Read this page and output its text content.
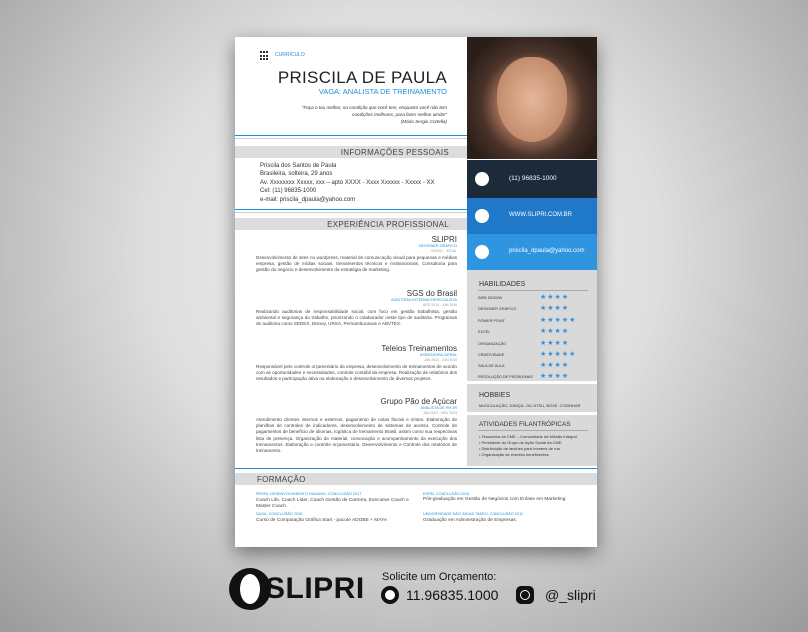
CURRÍCULO
PRISCILA DE PAULA
VAGA: ANALISTA DE TREINAMENTO
"Faça o teu melhor, na condição que você tem, enquanto você não tem
condições melhores, para fazer melhor ainda!"
(Mário Sergio Cortella)
INFORMAÇÕES PESSOAIS
Priscila dos Santos de Paula
Brasileira, solteira, 29 anos
Av. Xxxxxxxx Xxxxx, xxx – apto XXXX - Xxxx Xxxxxx - Xxxxx - XX
Cel: (11) 96835-1000
e-mail: priscila_dpaula@yahoo.com
EXPERIÊNCIA PROFISSIONAL
SLIPRI
DESIGNER GRÁFICO
03/2017 - ATUAL
Desenvolvimento de sites no wordpress, material de comunicação visual para pequenas e médias empresa, gestão de mídias sociais, treinamentos técnicos e motivacionais. Consultoria para gestão do negócio e desenvolvimento da estratégia de marketing.
SGS do Brasil
AUDITORA EXTERNA ESPECIALISTA
AGO 2014 - JUN 2016
Realizando auditorias de responsabilidade social, com foco em gestão trabalhista, gestão ambiental e segurança do trabalho, priorizando o colaborador neste tipo de auditoria. Programas de auditoria como SEDEX, Disney, URSA, Pernambucanas e ABVTEX.
Teleios Treinamentos
ASSESSORA GERAL
JAN 2014 - JUN 2014
Responsável pelo controle orçamentário da empresa, desenvolvimento de treinamentos de acordo com as oportunidades e necessidades, controle contábil da empresa. Realização de relatórios dos resultados e participação ativa na elaboração e desenvolvimento de diversos projetos.
Grupo Pão de Açúcar
ANALISTA DE RH JR
JAN 2007 - NOV 2013
Atendimento clientes internos e externos, pagamento de notas fiscais e síntes. Elaboração de planilhas de controles de indicadores, desenvolvimento de sistemas de acesso. Controle de pagamentos de benefício de idiomas, logística de treinamento Brasil, assim como sua respectivas lista de presença. Organização de material, convocação e acompanhamento da execução dos treinamentos. Elaboração e controle orçamentário. Desenvolvimento e Controle dos relatórios de treinamento.
(11) 96835-1000
WWW.SLIPRI.COM.BR
priscila_dpaula@yahoo.com
HABILIDADES
WEB DESIGN	★★★★
DESIGNER GRÁFICO	★★★★
POWER POINT	★★★★★
EXCEL	★★★★
ORGANIZAÇÃO	★★★★
CRIATIVIDADE	★★★★★
SALA DE AULA	★★★★
RESOLUÇÃO DE PROBLEMAS ★★★★
HOBBIES
MUSCULAÇÃO, DANÇA, JIU-JITSU, BOXE, COZINHAR
ATIVIDADES FILANTRÓPICAS
• Tesoureira da CME – Comunidade da Missão Integral.
• Presidente do Grupo de Ação Social da CME.
• Distribuição de lanches para homens de rua.
• Organização de eventos beneficentes.
FORMAÇÃO
PERFIL DESENVOLVIMENTO HUMANO, CONCLUSÃO 2017
Coach Life, Coach Líder, Coach Gestão de Carreira, Executive Coach e Master Coach.
SAGA, CONCLUSÃO 2016
Curso de Computação Gráfica Start - pacote ADOBE + MAYA
ESPM, CONCLUSÃO 2015
Pós-graduação em Gestão de Negócios com Enfase em Marketing
UNIVERSIDADE SÃO JUDAS TADEU, CONCLUSÃO 2011
Graduação em Administração de Empresas.
SLIPRI Solicite um Orçamento:
11.96835.1000	@_slipri
